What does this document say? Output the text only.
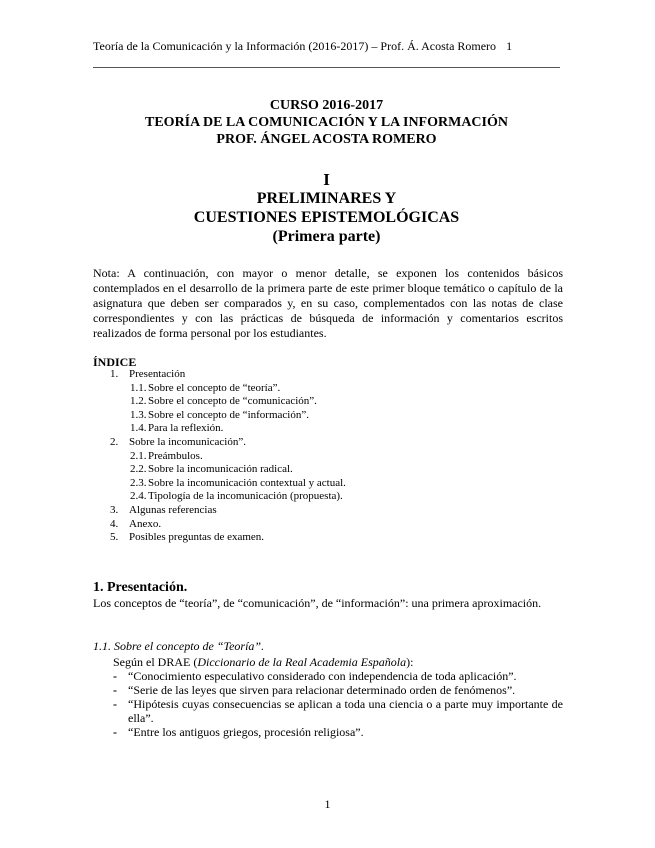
Teoría de la Comunicación y la Información (2016-2017) – Prof. Á. Acosta Romero 1
CURSO 2016-2017
TEORÍA DE LA COMUNICACIÓN Y LA INFORMACIÓN
PROF. ÁNGEL ACOSTA ROMERO
I
PRELIMINARES Y
CUESTIONES EPISTEMOLÓGICAS
(Primera parte)
Nota: A continuación, con mayor o menor detalle, se exponen los contenidos básicos contemplados en el desarrollo de la primera parte de este primer bloque temático o capítulo de la asignatura que deben ser comparados y, en su caso, complementados con las notas de clase correspondientes y con las prácticas de búsqueda de información y comentarios escritos realizados de forma personal por los estudiantes.
ÍNDICE
1. Presentación
1.1. Sobre el concepto de “teoría”.
1.2. Sobre el concepto de “comunicación”.
1.3. Sobre el concepto de “información”.
1.4. Para la reflexión.
2. Sobre la incomunicación”.
2.1. Preámbulos.
2.2. Sobre la incomunicación radical.
2.3. Sobre la incomunicación contextual y actual.
2.4. Tipología de la incomunicación (propuesta).
3. Algunas referencias
4. Anexo.
5. Posibles preguntas de examen.
1. Presentación.
Los conceptos de “teoría”, de “comunicación”, de “información”: una primera aproximación.
1.1. Sobre el concepto de “Teoría”.
Según el DRAE (Diccionario de la Real Academia Española):
- “Conocimiento especulativo considerado con independencia de toda aplicación”.
- “Serie de las leyes que sirven para relacionar determinado orden de fenómenos”.
- “Hipótesis cuyas consecuencias se aplican a toda una ciencia o a parte muy importante de ella”.
- “Entre los antiguos griegos, procesión religiosa”.
1
